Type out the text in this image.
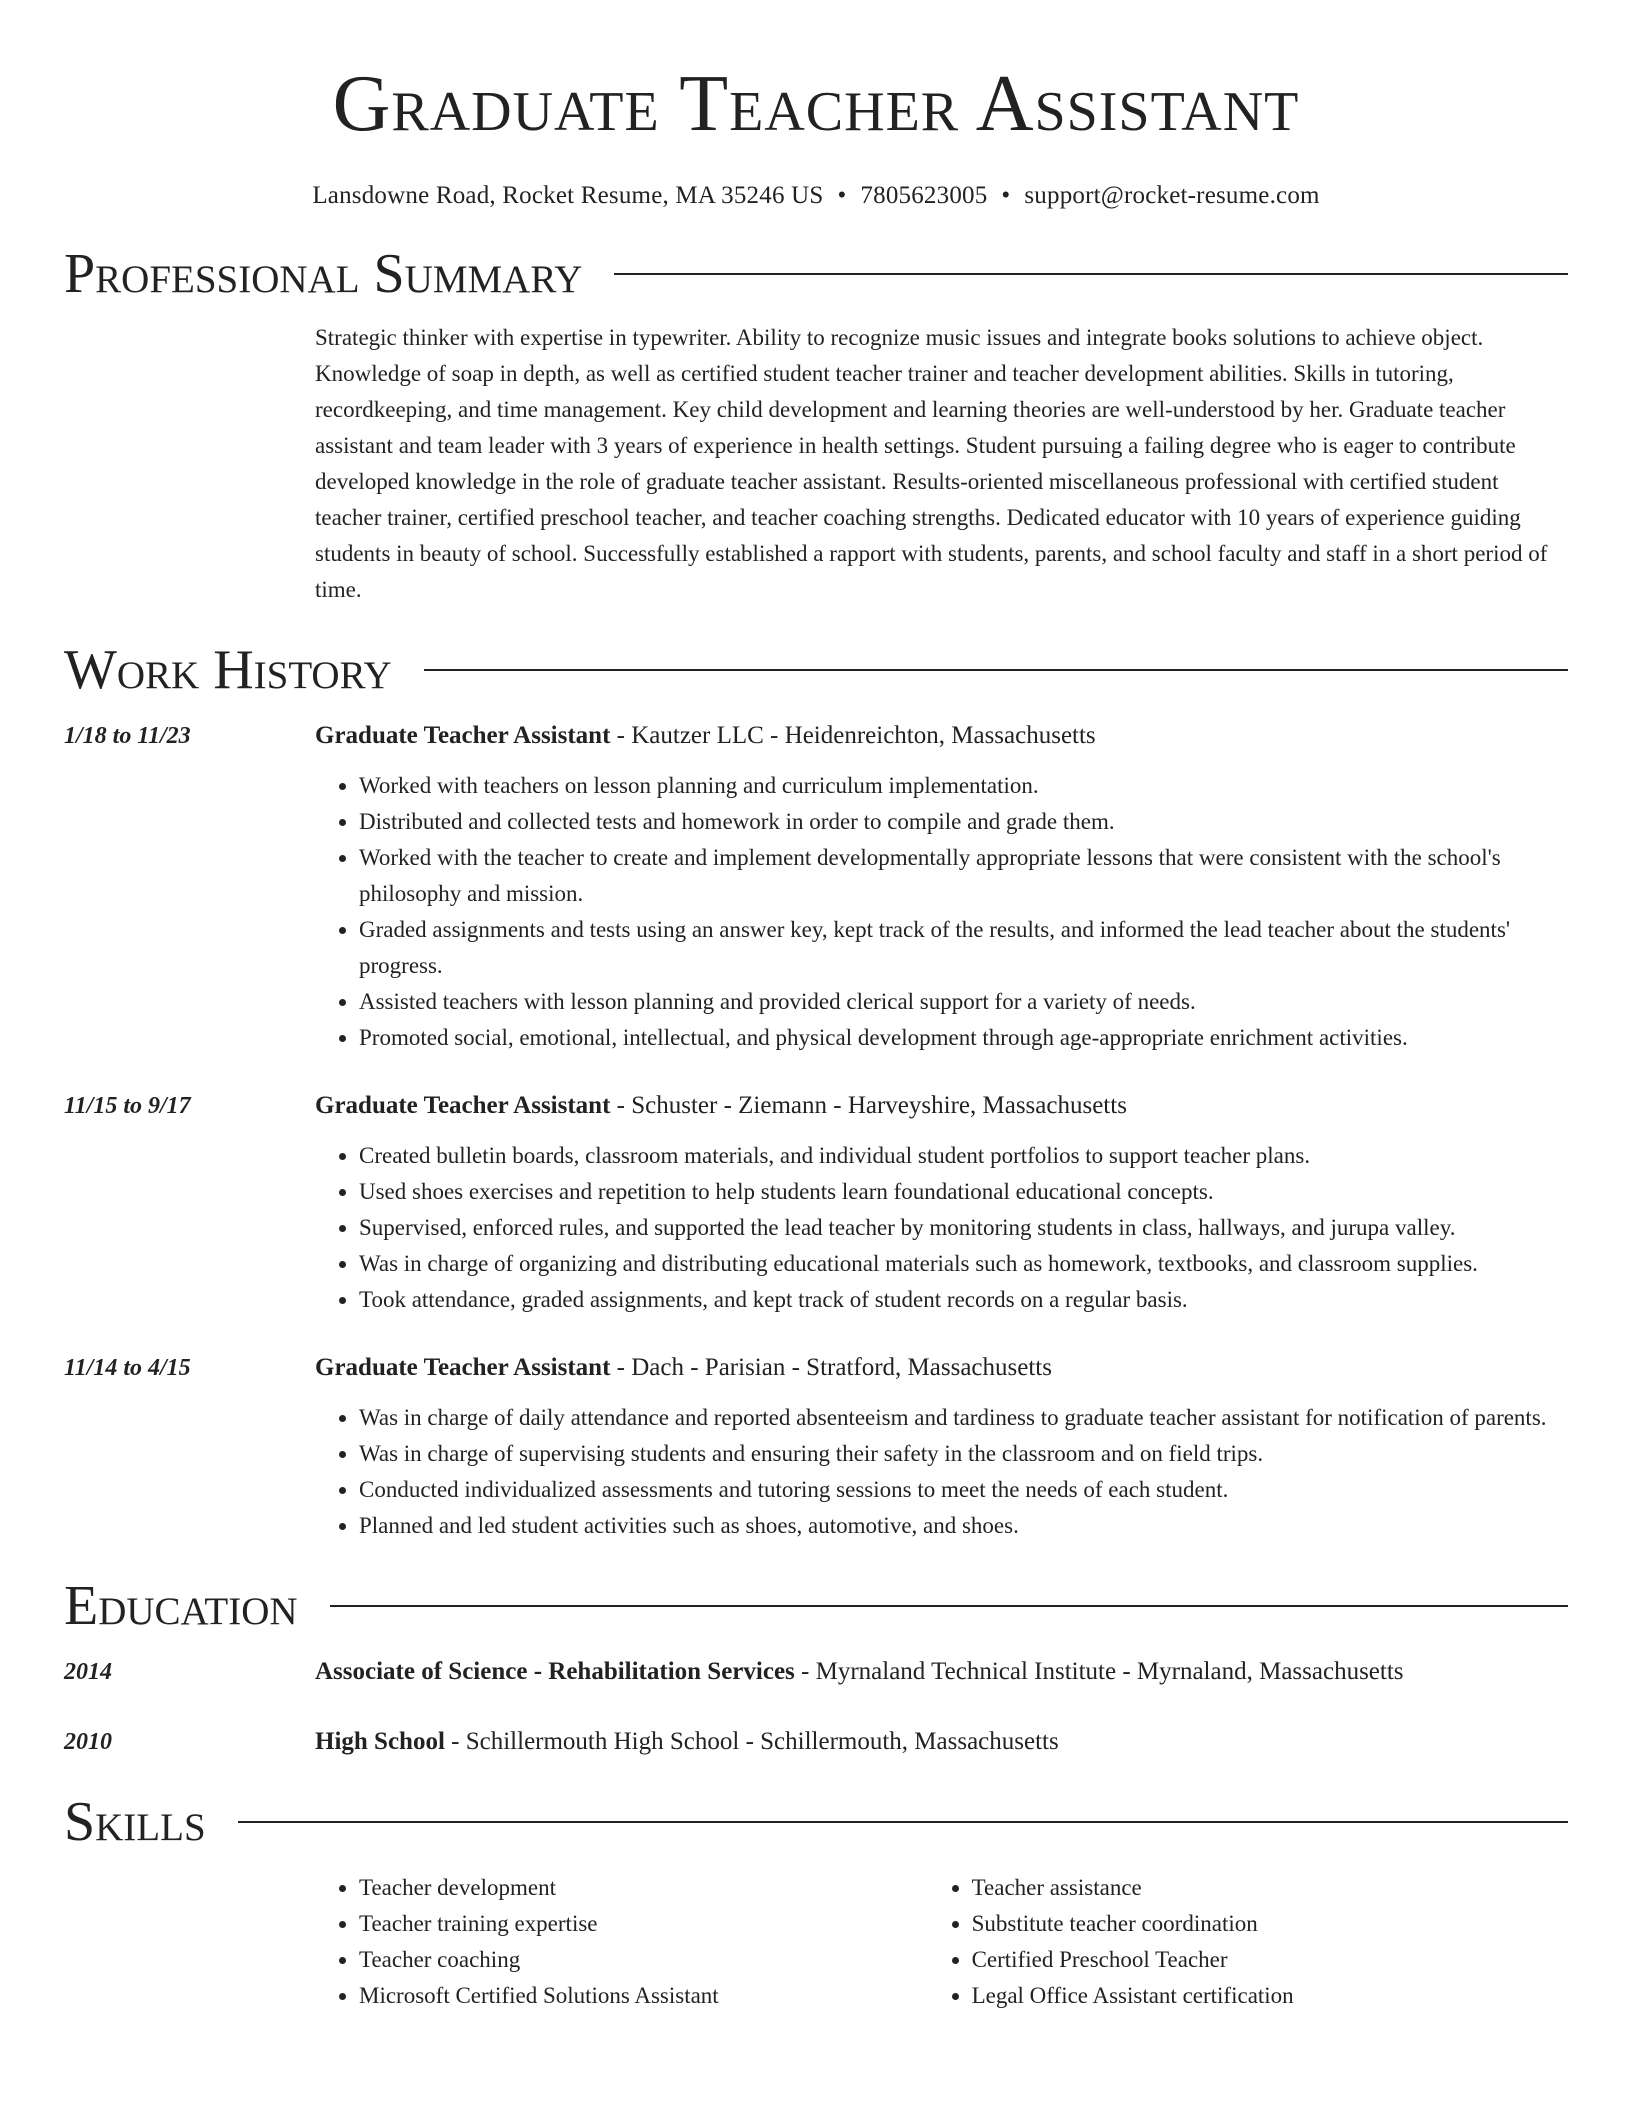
Graduate Teacher Assistant
Lansdowne Road, Rocket Resume, MA 35246 US • 7805623005 • support@rocket-resume.com
Professional Summary
Strategic thinker with expertise in typewriter. Ability to recognize music issues and integrate books solutions to achieve object. Knowledge of soap in depth, as well as certified student teacher trainer and teacher development abilities. Skills in tutoring, recordkeeping, and time management. Key child development and learning theories are well-understood by her. Graduate teacher assistant and team leader with 3 years of experience in health settings. Student pursuing a failing degree who is eager to contribute developed knowledge in the role of graduate teacher assistant. Results-oriented miscellaneous professional with certified student teacher trainer, certified preschool teacher, and teacher coaching strengths. Dedicated educator with 10 years of experience guiding students in beauty of school. Successfully established a rapport with students, parents, and school faculty and staff in a short period of time.
Work History
1/18 to 11/23	Graduate Teacher Assistant - Kautzer LLC - Heidenreichton, Massachusetts
• Worked with teachers on lesson planning and curriculum implementation.
• Distributed and collected tests and homework in order to compile and grade them.
• Worked with the teacher to create and implement developmentally appropriate lessons that were consistent with the school's philosophy and mission.
• Graded assignments and tests using an answer key, kept track of the results, and informed the lead teacher about the students' progress.
• Assisted teachers with lesson planning and provided clerical support for a variety of needs.
• Promoted social, emotional, intellectual, and physical development through age-appropriate enrichment activities.
11/15 to 9/17	Graduate Teacher Assistant - Schuster - Ziemann - Harveyshire, Massachusetts
• Created bulletin boards, classroom materials, and individual student portfolios to support teacher plans.
• Used shoes exercises and repetition to help students learn foundational educational concepts.
• Supervised, enforced rules, and supported the lead teacher by monitoring students in class, hallways, and jurupa valley.
• Was in charge of organizing and distributing educational materials such as homework, textbooks, and classroom supplies.
• Took attendance, graded assignments, and kept track of student records on a regular basis.
11/14 to 4/15	Graduate Teacher Assistant - Dach - Parisian - Stratford, Massachusetts
• Was in charge of daily attendance and reported absenteeism and tardiness to graduate teacher assistant for notification of parents.
• Was in charge of supervising students and ensuring their safety in the classroom and on field trips.
• Conducted individualized assessments and tutoring sessions to meet the needs of each student.
• Planned and led student activities such as shoes, automotive, and shoes.
Education
2014	Associate of Science - Rehabilitation Services - Myrnaland Technical Institute - Myrnaland, Massachusetts
2010	High School - Schillermouth High School - Schillermouth, Massachusetts
Skills
• Teacher development
• Teacher training expertise
• Teacher coaching
• Microsoft Certified Solutions Assistant
• Teacher assistance
• Substitute teacher coordination
• Certified Preschool Teacher
• Legal Office Assistant certification
